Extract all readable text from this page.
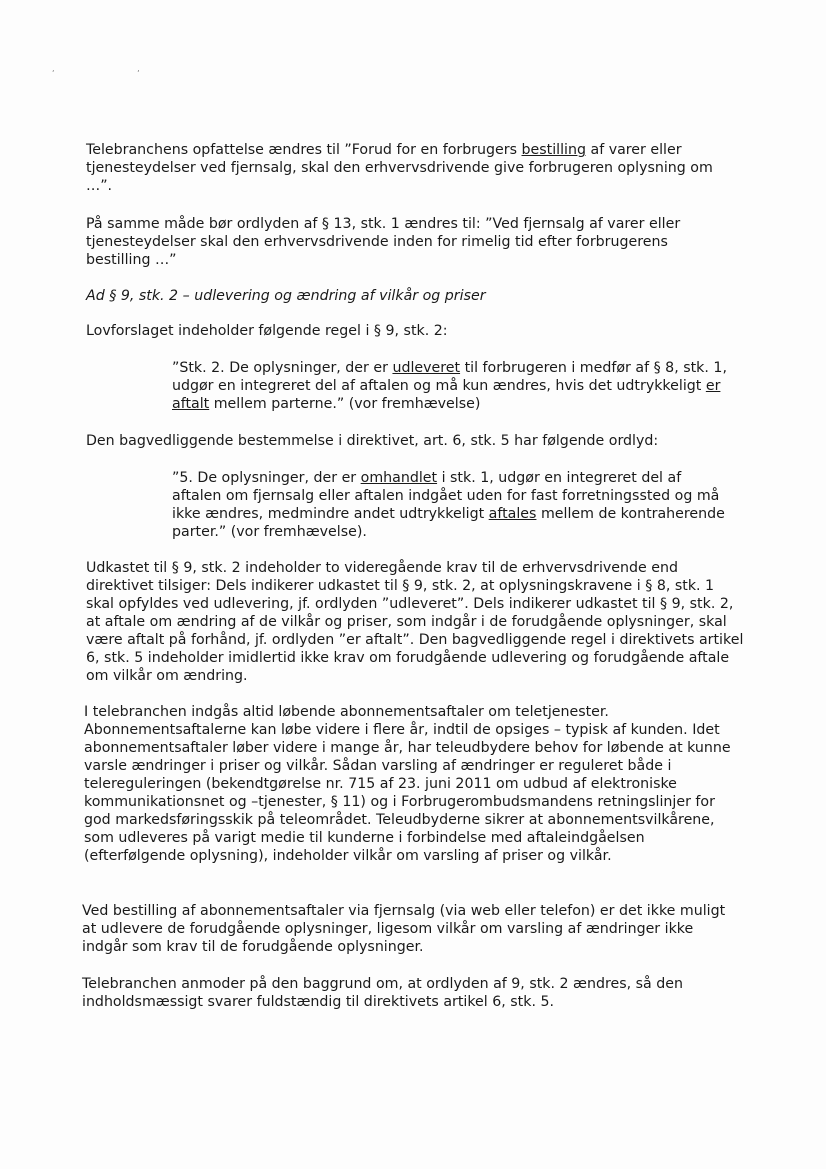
, ,

Telebranchens opfattelse ændres til ”Forud for en forbrugers bestilling af varer eller tjenesteydelser ved fjernsalg, skal den erhvervsdrivende give forbrugeren oplysning om …”.

På samme måde bør ordlyden af § 13, stk. 1 ændres til: ”Ved fjernsalg af varer eller tjenesteydelser skal den erhvervsdrivende inden for rimelig tid efter forbrugerens bestilling …”

Ad § 9, stk. 2 – udlevering og ændring af vilkår og priser

Lovforslaget indeholder følgende regel i § 9, stk. 2:

”Stk. 2. De oplysninger, der er udleveret til forbrugeren i medfør af § 8, stk. 1, udgør en integreret del af aftalen og må kun ændres, hvis det udtrykkeligt er aftalt mellem parterne.” (vor fremhævelse)

Den bagvedliggende bestemmelse i direktivet, art. 6, stk. 5 har følgende ordlyd:

”5. De oplysninger, der er omhandlet i stk. 1, udgør en integreret del af aftalen om fjernsalg eller aftalen indgået uden for fast forretningssted og må ikke ændres, medmindre andet udtrykkeligt aftales mellem de kontraherende parter.” (vor fremhævelse).

Udkastet til § 9, stk. 2 indeholder to videregående krav til de erhvervsdrivende end direktivet tilsiger: Dels indikerer udkastet til § 9, stk. 2, at oplysningskravene i § 8, stk. 1 skal opfyldes ved udlevering, jf. ordlyden ”udleveret”. Dels indikerer udkastet til § 9, stk. 2, at aftale om ændring af de vilkår og priser, som indgår i de forudgående oplysninger, skal være aftalt på forhånd, jf. ordlyden ”er aftalt”. Den bagvedliggende regel i direktivets artikel 6, stk. 5 indeholder imidlertid ikke krav om forudgående udlevering og forudgående aftale om vilkår om ændring.

I telebranchen indgås altid løbende abonnementsaftaler om teletjenester. Abonnementsaftalerne kan løbe videre i flere år, indtil de opsiges – typisk af kunden. Idet abonnementsaftaler løber videre i mange år, har teleudbydere behov for løbende at kunne varsle ændringer i priser og vilkår. Sådan varsling af ændringer er reguleret både i telereguleringen (bekendtgørelse nr. 715 af 23. juni 2011 om udbud af elektroniske kommunikationsnet og –tjenester, § 11) og i Forbrugerombudsmandens retningslinjer for god markedsføringsskik på teleområdet. Teleudbyderne sikrer at abonnementsvilkårene, som udleveres på varigt medie til kunderne i forbindelse med aftaleindgåelsen (efterfølgende oplysning), indeholder vilkår om varsling af priser og vilkår.

Ved bestilling af abonnementsaftaler via fjernsalg (via web eller telefon) er det ikke muligt at udlevere de forudgående oplysninger, ligesom vilkår om varsling af ændringer ikke indgår som krav til de forudgående oplysninger.

Telebranchen anmoder på den baggrund om, at ordlyden af 9, stk. 2 ændres, så den indholdsmæssigt svarer fuldstændig til direktivets artikel 6, stk. 5.
